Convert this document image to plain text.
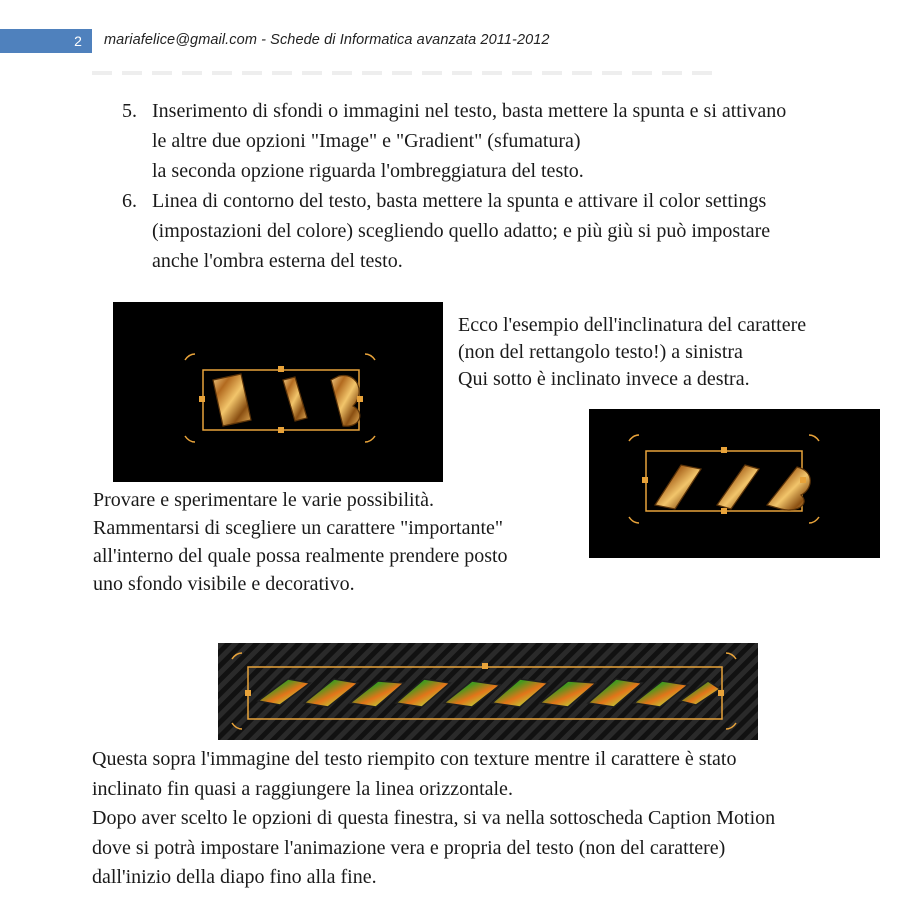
2	mariafelice@gmail.com - Schede di Informatica avanzata 2011-2012
5. Inserimento di sfondi o immagini nel testo, basta mettere la spunta e si attivano
le altre due opzioni "Image" e "Gradient" (sfumatura)
la seconda opzione riguarda l'ombreggiatura del testo.
6. Linea di contorno del testo, basta mettere la spunta e attivare il color settings
(impostazioni del colore) scegliendo quello adatto; e più giù si può impostare
anche l'ombra esterna del testo.
Ecco l'esempio dell'inclinatura del carattere
(non del rettangolo testo!) a sinistra
Qui sotto è inclinato invece a destra.
Provare e sperimentare le varie possibilità.
Rammentarsi di scegliere un carattere "importante"
all'interno del quale possa realmente prendere posto
uno sfondo visibile e decorativo.
Questa sopra l'immagine del testo riempito con texture mentre il carattere è stato
inclinato fin quasi a raggiungere la linea orizzontale.
Dopo aver scelto le opzioni di questa finestra, si va nella sottoscheda Caption Motion
dove si potrà impostare l'animazione vera e propria del testo (non del carattere)
dall'inizio della diapo fino alla fine.
